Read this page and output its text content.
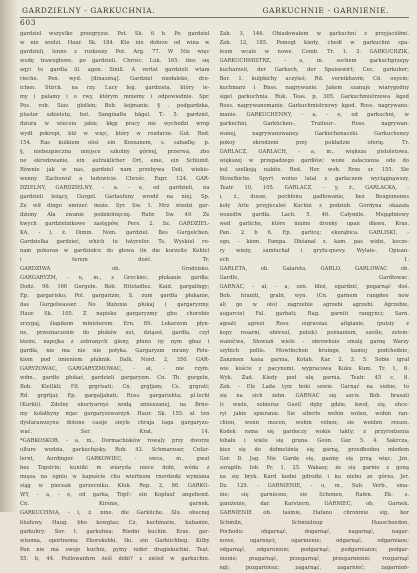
GARDZIELNY - GARKUCHNIA.	GARKUCHNIE - GARNIENIE.
603
gardziel wszystko przegryzie. Pot. Sk. 6 b. Po gardziel
w nie wodzi. Haur. Sk. 184. Kto nie dobrze od wina w
gardzieli, lenno z rozkoszy. Pot. Arg. 77. W Nie więc
wodę trawogłowe, po gardzieli. Chrośc. Luk. 165. iżes się
aqyi to gardla lil. agen. Sinill. A vertat gardzieli wtam
rieche. Pen. wyd. [dinaszną]. Gardziel niedaleko, dro-
ichen. Stirck. na rzy. Lucy leg. gardziela, który ie-
my i palamy i o rwy, którym mniemy i odpowiednie. Spr.
Pos. vob. Siav. glotkin; Bob. kojmanie. § . podgardzka,
plaster szkieletu, bet. Sanginalte hägel. T.- 5. gardziel,
dziura w wiecsiu jakie, kłęp pracy nie wychodzi wrop
wydł pokropi, któ w więc, który w rozdarze. Got. Red.
154. Ras kulkiem oleś ein Koszanem, s. sabadlę; p.
§, niebezpieczna miejsce szkolny górnej, przerwa, zbo
ne ekrodzwanie, ein aufzuklicher Ort, eine, ein Schlund.
Równie jak w nas, gardziel nam przebywa Doli, wiekis-
wenny Zachowuł a ludowicie. Chrośc. Expr. 124. GAR-
DZIELNY, GARDZIELNY, - a. - e, od gardzieli, na
gardzieli leżący, Gurgel. Garlaofuny wrodź na niej. Sp.
Ze wił dingo umrzeć może. Syr. Sw. 1. Mrz wiedzi gar-
dziony Ała zwanie podzielnięczę. Ruhr. Sw. 49. Ze
kwych gardzielnikowe zastępów, Pers. 2. Sz. GARDZIEL-
KA, - i, ż. Dimin. Nom. gardziel. Bes Gurgelchen.
Gardzielka gardzieć, which to tatyrefor. Ts. Wyskiel ro-
nam pokoran w gardziołce do głowa (in die kurzelte Kehle)
i terem dość. Tr.
GARDZIWA ob. Grodzisko.
GARGARYZM, - u, m., z Greckiec. płukanie gardła.
Dodz. 96. 166 Gurgeln. Bob. Hitstadlez. Kaid. gargalingy;
Ep. gargarisko; Pol. gargarizm, S. zum gardła płukanie,
das Gurgelwasser. No tłużenie płukaj i gargaryzmy.
Haur. Sk. 105. Z napisko gargaryzmy gbu chorobie
zrzygaj, ślapikom ministerom. Ern. 89. Lekarzom płyn-
ne, przeznaczenie do płuków ust, dziąseł, gardła, czyl
kteini, napojka z zebranych gleny, płuno ny nym gbaz i
gardła, nie ma nie nie połyka. Gargaryzm mrany Polu-
kiem pod imieniem płuknik. Dalk. Nord. 2, 350. GAR-
GARYZOWAC, GARGARYZMOWAC, - ał, - nie rzym.
wdm., gardło płukać, gardzieli gargaryzm. Cn. Th. gurgeln,
Bob. Kletlkli; Fil. grgrisati; Cn. grgljam; Cs. grgrati;
Rd. grgrljai; Ep. gargaljahati; Ross. gargarishta; pl.lechi
(Kurkli). Zdolny ekurlyarnyś wodą zmieszanej, na Brno-
my kołatkyny mjac gargaryzowarzyń. Haur. Sk. 155. at ten
dysfarawzsynu dotone casije sieyle chraja taga gargaryzo-
wać. Ser. Krat. 14.
*GARKOSKOB, - a, m., Dormachisków rowaly przy dworze
ulture wodzia, garkuchęsky. Rob. 43. Schmarzuer, Cnfar-
lernt, Aordinger. GARKOWIEC, - owca, m., gwat
bez Topstrin; kuniiki m wiaryda niece dobi, wóda z
mięsa na ogniu w kapuście chu wiertnom rnsrdzoki wymiana
siąg w pieceak garzecniku. Kluk. Rep. 2, 86. GARKO-
WY, - a, - e, od garka, Topf-; ein Kopfauf angehend.
Cn. Kirśnie, garnek.
GARKUCHNIA, - i, ż. nine. die Garküche. Ślu. obecnej
bludzwy. Haug. bho kowglas; Cz. kuchmarie, kubamie,
garkuhry; Sor. t. garkuhna; Riedni kuchin. Kras. gar-
wisoma, oportnema; Ekorokshki, tłu. ein Garküchbeg. Kilby
Pan nie ma swoje kuchni, pyłny nider dragiskuchni. Teat.
55. b, 44. Pożlowanhrn żeśl dobi? z zieleź w garkuchni.
Zab. 3, 146. Obiadowałem w garkuchni z przyjaciółmi.
Zab. 12, 185. Pomogł kiedy, chedł w garkuchni spa-
leum wcale w nowe. Comb. Tr. 1. 3. GARKUCHZIK,
GARKUCHMISTRZ, - a, m. sochem garkuchprzepy
kucharzeli, der Garkoch, der Speisewirt; Cec. garkuher;
Ber. 1. kulpkichy aczyleś; Rd. vernikhavm; Cd. oxyem;
kuchmarz i Bnss. nagrywanie. Jakem szanuje wiarygodny
sigel garkuchnia. Ruk. Teas. p. 305. Garkuchmistrzowa kgod
Ross. nagrywanomanie. Garkuchmistrzowy kgod. Ross. nagrywano-
manie. GARKUCHENNY, - a, - e, od garkuchni, w
garkuchni, Garküchen-, Traiteur-. Ross. nagrywan-
wanej, nagrywanowaney. Garkuchenaczki. Garkucheney
pokoy ekrodzeni przy pokładzie oferię. Tr.
GARLACZ, GARLACH, - a, m., większa pistoletowa,
większej w przepadzego gardłów; woże załaczenia odo do
kul szelkoją nabite. Red. Her. woh. Rrze sr. 155. Sie
Strzelbiche. Spyrt wolno latal z garłaczem wyciągnąwszy.
Teatr. 10, 105. GARLACZ, - y, ż., GARLACKA, -
i, ż., dusze, pochłonu gadłowanie, bez Beugemenes
koły Arle przyjecaleś Kuchni z podziob. Gordyna okazała
wszedlw gardła. Lach. 5. 46. Całymile. Megądniowy
wed garliche, które niamo dronky upan dławu. Kras.
Pan. 2 b 6. Ep. garlicę; ekorąbica. GARLISKI, -
ego, - kiem. Pampa. Dhóanal z. kam. pas widzi, kocze-
ry wieży, samłuchał i gryfu-quevy. Wylaie-. Opisan-
ech 1.
GARLETA, ob. Galareta. GARLO, GARLOWAC ob.
Gardło, Gardłowac.
GARNAC, - ał, - a, ozn. łdeż, ogardzić, pogarnąć doś.
Bob. hraniti, grabi, wyn. (Cn. garnem rangdee now
ali go w oto) zagrzebie agrzebi agrzebi. Agrzebie,
augarcie) Fal. garbati; Rag. garniti rangynci; Sarn.
agoati agrezi Ross. oigravzaz. aitgiaxie, (pulsiy z
kopy resarni, obórsul, polsik). pożnaniem, sześle, zelem-
wanśćwa, Słowiań wiele - obrowhuie smalę garnę Warzy
szybich pollis. Mowiłnchen kruinge, kamoj podchodzie,
Zanzmen kana garnia. Kotah. Kar. 2. 3. 5. Sobie igrał
wie koście z pacynemi, wypracowa Kuku Kum. Tr. 1, 6.
Wyk. Zad. Kiedy pod ułę garnia. Teatr. 45 c, 8.
Zab. - Ele Lada tym boki sowie. Garnąć na siebie, to
się na sich zehn. GARNAĆ się azcw. Bob. brasati
(c wiele, sobieraz Gust) dęby gdzie, kwoł, się, ehce-
ryi jakie spieranie. Sie siberle wehin wolen, wohin ran-
chten, wenn mocen, wohin vehen; sie weiden reisen.
Kodek rama się gardeczy wokie takty; z przyrodzenia
łobału i wiele się gruna. Geon. Gar. 5. 4. Sakrcza,
kiez się do dołmetśnia się garną, przedbodnu młodem
Gor. D. Jag. Nie Gardę się, gazmy się przą więc. Jzn.
sorapiln. Iob. Pr. 1, 25. Wakasy, że się garnie z goną
na się bryk. Kard kedni gdrożki i ku niebu ze górza. Jer.
Dz. 129. - GARNIENIE, - u, m., Sub. Verb., sma-
nie; się garniesne, sie Schonen, Rafen. Ek. s.
ganiżenie, dar. Karstiern. GARNIEC, ob. Garnek.
GARNIENIE ob. taśmie, Hafanu chroninie sig. bor
Schmiln, Schmielnup Hauschoeden.
Pochodu: ohgarnąć, dogarnąć, nagarnąć, nagar-
nowe, ogarnięci, ogarnienie; odgarnąć, odgarniane;
odgarnąć, odgarnienie; podgarnąć, podgarnianie; podgar-
nienie; pragarnąć, przegarnąć, przegarnienie; rozgarnąć
ngl; pozgarniesz; zagarnąć, zagarnieć; zagarnień-
